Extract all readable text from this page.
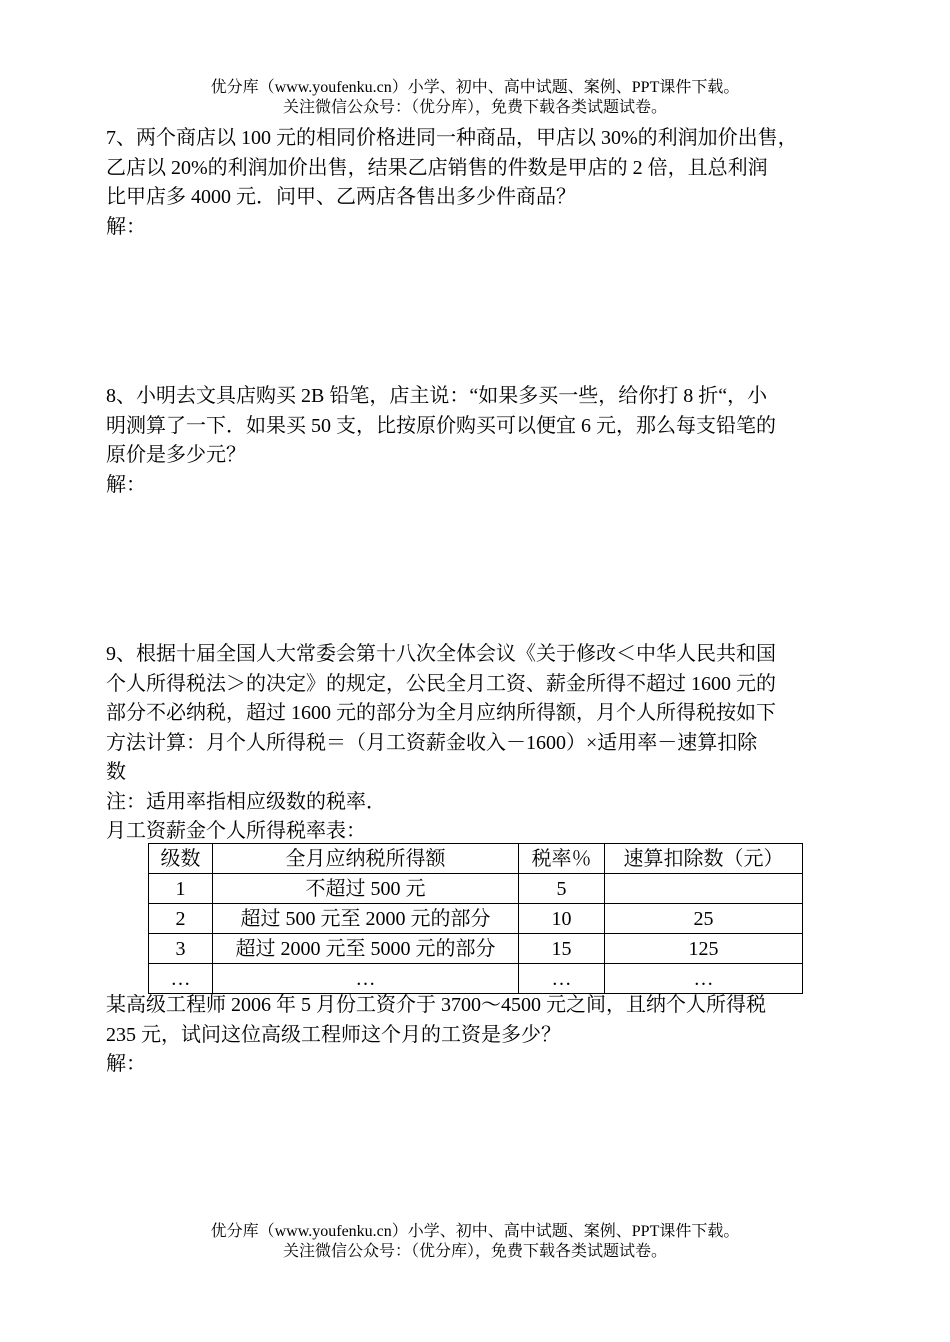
优分库（www.youfenku.cn）小学、初中、高中试题、案例、PPT课件下载。
关注微信公众号：（优分库），免费下载各类试题试卷。
7、两个商店以 100 元的相同价格进同一种商品，甲店以 30%的利润加价出售，
乙店以 20%的利润加价出售，结果乙店销售的件数是甲店的 2 倍，且总利润
比甲店多 4000 元．问甲、乙两店各售出多少件商品？
解：
8、小明去文具店购买 2B 铅笔，店主说：“如果多买一些，给你打 8 折“，小
明测算了一下．如果买 50 支，比按原价购买可以便宜 6 元，那么每支铅笔的
原价是多少元？
解：
9、根据十届全国人大常委会第十八次全体会议《关于修改＜中华人民共和国
个人所得税法＞的决定》的规定，公民全月工资、薪金所得不超过 1600 元的
部分不必纳税，超过 1600 元的部分为全月应纳所得额，月个人所得税按如下
方法计算：月个人所得税＝（月工资薪金收入－1600）×适用率－速算扣除
数
注：适用率指相应级数的税率．
月工资薪金个人所得税率表：
级数	全月应纳税所得额	税率％	速算扣除数（元）
1	不超过 500 元	5	
2	超过 500 元至 2000 元的部分	10	25
3	超过 2000 元至 5000 元的部分	15	125
…	…	…	…
某高级工程师 2006 年 5 月份工资介于 3700～4500 元之间，且纳个人所得税
235 元，试问这位高级工程师这个月的工资是多少？
解：
优分库（www.youfenku.cn）小学、初中、高中试题、案例、PPT课件下载。
关注微信公众号：（优分库），免费下载各类试题试卷。
